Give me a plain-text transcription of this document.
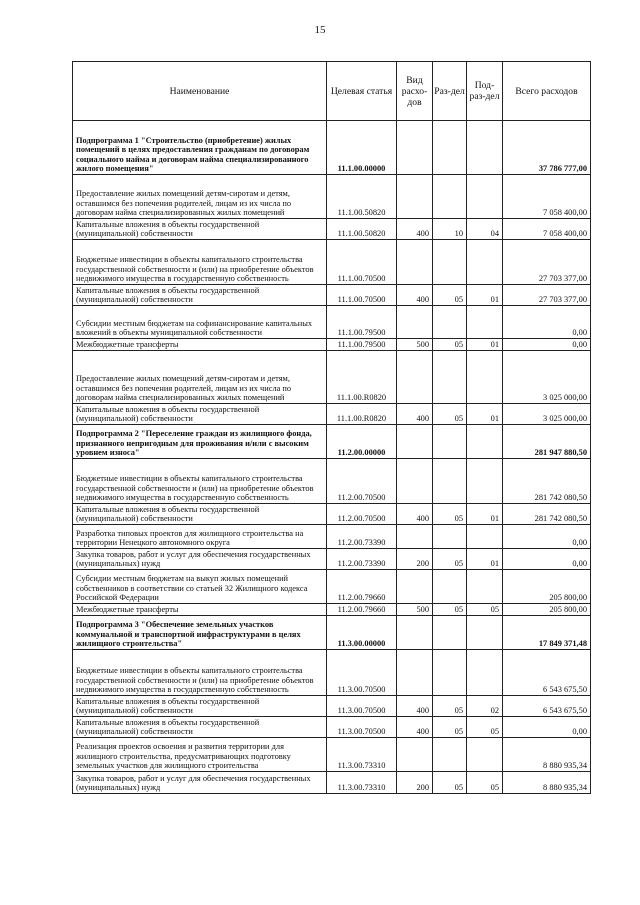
15
Наименование	Целевая статья	Вид расхо-дов	Раз-дел	Под-раз-дел	Всего расходов
Подпрограмма 1 "Строительство (приобретение) жилых помещений в целях предоставления гражданам по договорам социального найма и договорам найма специализированного жилого помещения"	11.1.00.00000				37 786 777,00
Предоставление жилых помещений детям-сиротам и детям, оставшимся без попечения родителей, лицам из их числа по договорам найма специализированных жилых помещений	11.1.00.50820				7 058 400,00
Капитальные вложения в объекты государственной (муниципальной) собственности	11.1.00.50820	400	10	04	7 058 400,00
Бюджетные инвестиции в объекты капитального строительства государственной собственности и (или) на приобретение объектов недвижимого имущества в государственную собственность	11.1.00.70500				27 703 377,00
Капитальные вложения в объекты государственной (муниципальной) собственности	11.1.00.70500	400	05	01	27 703 377,00
Субсидии местным бюджетам на софинансирование капитальных вложений в объекты муниципальной собственности	11.1.00.79500				0,00
Межбюджетные трансферты	11.1.00.79500	500	05	01	0,00
Предоставление жилых помещений детям-сиротам и детям, оставшимся без попечения родителей, лицам из их числа по договорам найма специализированных жилых помещений	11.1.00.R0820				3 025 000,00
Капитальные вложения в объекты государственной (муниципальной) собственности	11.1.00.R0820	400	05	01	3 025 000,00
Подпрограмма 2 "Переселение граждан из жилищного фонда, признанного непригодным для проживания и/или с высоким уровнем износа"	11.2.00.00000				281 947 880,50
Бюджетные инвестиции в объекты капитального строительства государственной собственности и (или) на приобретение объектов недвижимого имущества в государственную собственность	11.2.00.70500				281 742 080,50
Капитальные вложения в объекты государственной (муниципальной) собственности	11.2.00.70500	400	05	01	281 742 080,50
Разработка типовых проектов для жилищного строительства на территории Ненецкого автономного округа	11.2.00.73390				0,00
Закупка товаров, работ и услуг для обеспечения государственных (муниципальных) нужд	11.2.00.73390	200	05	01	0,00
Субсидии местным бюджетам на выкуп жилых помещений собственников в соответствии со статьей 32 Жилищного кодекса Российской Федерации	11.2.00.79660				205 800,00
Межбюджетные трансферты	11.2.00.79660	500	05	05	205 800,00
Подпрограмма 3 "Обеспечение земельных участков коммунальной и транспортной инфраструктурами в целях жилищного строительства"	11.3.00.00000				17 849 371,48
Бюджетные инвестиции в объекты капитального строительства государственной собственности и (или) на приобретение объектов недвижимого имущества в государственную собственность	11.3.00.70500				6 543 675,50
Капитальные вложения в объекты государственной (муниципальной) собственности	11.3.00.70500	400	05	02	6 543 675,50
Капитальные вложения в объекты государственной (муниципальной) собственности	11.3.00.70500	400	05	05	0,00
Реализация проектов освоения и развития территории для жилищного строительства, предусматривающих подготовку земельных участков для жилищного строительства	11.3.00.73310				8 880 935,34
Закупка товаров, работ и услуг для обеспечения государственных (муниципальных) нужд	11.3.00.73310	200	05	05	8 880 935,34
